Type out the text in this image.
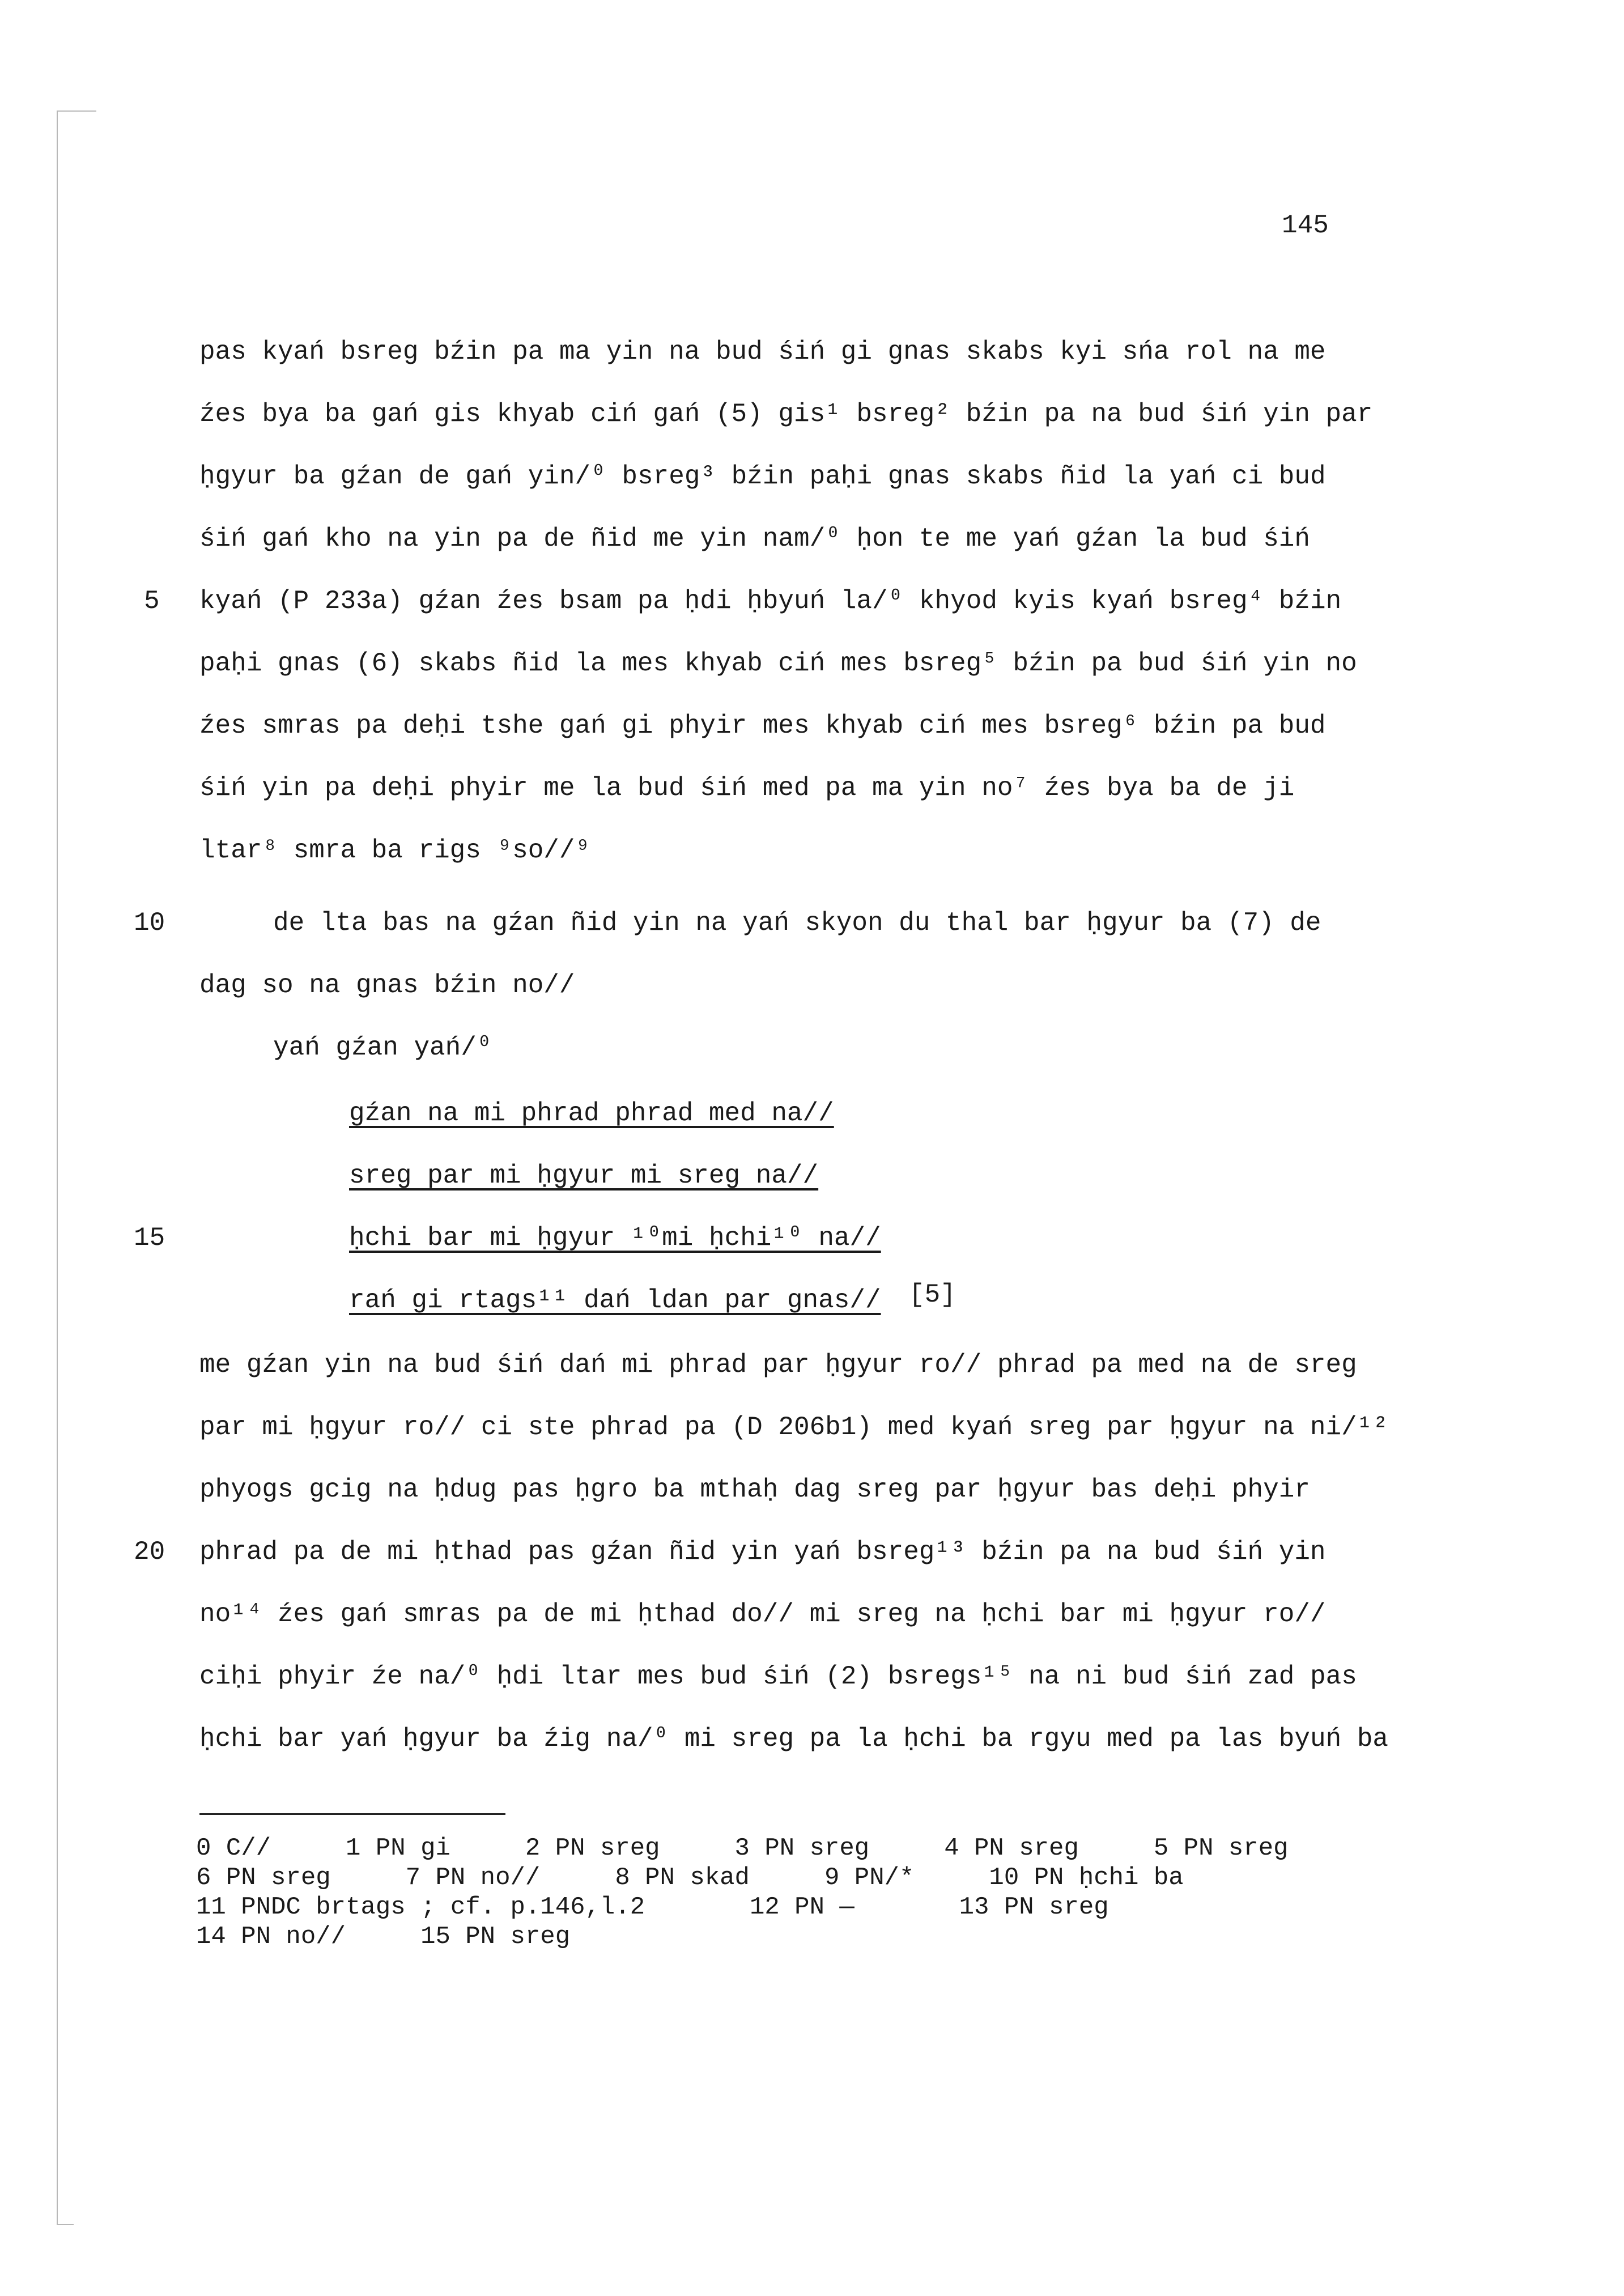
145
pas kyań bsreg bźin pa ma yin na bud śiń gi gnas skabs kyi sńa rol na me
źes bya ba gań gis khyab ciń gań (5) gis¹ bsreg² bźin pa na bud śiń yin par
ḥgyur ba gźan de gań yin/⁰ bsreg³ bźin paḥi gnas skabs ñid la yań ci bud
śiń gań kho na yin pa de ñid me yin nam/⁰ ḥon te me yań gźan la bud śiń
5 kyań (P 233a) gźan źes bsam pa ḥdi ḥbyuń la/⁰ khyod kyis kyań bsreg⁴ bźin
paḥi gnas (6) skabs ñid la mes khyab ciń mes bsreg⁵ bźin pa bud śiń yin no
źes smras pa deḥi tshe gań gi phyir mes khyab ciń mes bsreg⁶ bźin pa bud
śiń yin pa deḥi phyir me la bud śiń med pa ma yin no⁷ źes bya ba de ji
ltar⁸ smra ba rigs ⁹so//⁹
10	de lta bas na gźan ñid yin na yań skyon du thal bar ḥgyur ba (7) de
dag so na gnas bźin no//
yań gźan yań/⁰
gźan na mi phrad phrad med na//
sreg par mi ḥgyur mi sreg na//
15	ḥchi bar mi ḥgyur ¹⁰mi ḥchi¹⁰ na//
rań gi rtags¹¹ dań ldan par gnas// [5]
me gźan yin na bud śiń dań mi phrad par ḥgyur ro// phrad pa med na de sreg
par mi ḥgyur ro// ci ste phrad pa (D 206b1) med kyań sreg par ḥgyur na ni/¹²
phyogs gcig na ḥdug pas ḥgro ba mthaḥ dag sreg par ḥgyur bas deḥi phyir
20 phrad pa de mi ḥthad pas gźan ñid yin yań bsreg¹³ bźin pa na bud śiń yin
no¹⁴ źes gań smras pa de mi ḥthad do// mi sreg na ḥchi bar mi ḥgyur ro//
ciḥi phyir źe na/⁰ ḥdi ltar mes bud śiń (2) bsregs¹⁵ na ni bud śiń zad pas
ḥchi bar yań ḥgyur ba źig na/⁰ mi sreg pa la ḥchi ba rgyu med pa las byuń ba
0 C//     1 PN gi     2 PN sreg     3 PN sreg     4 PN sreg     5 PN sreg
6 PN sreg     7 PN no//     8 PN skad     9 PN/*     10 PN ḥchi ba
11 PNDC brtags ; cf. p.146,l.2       12 PN —       13 PN sreg
14 PN no//     15 PN sreg
